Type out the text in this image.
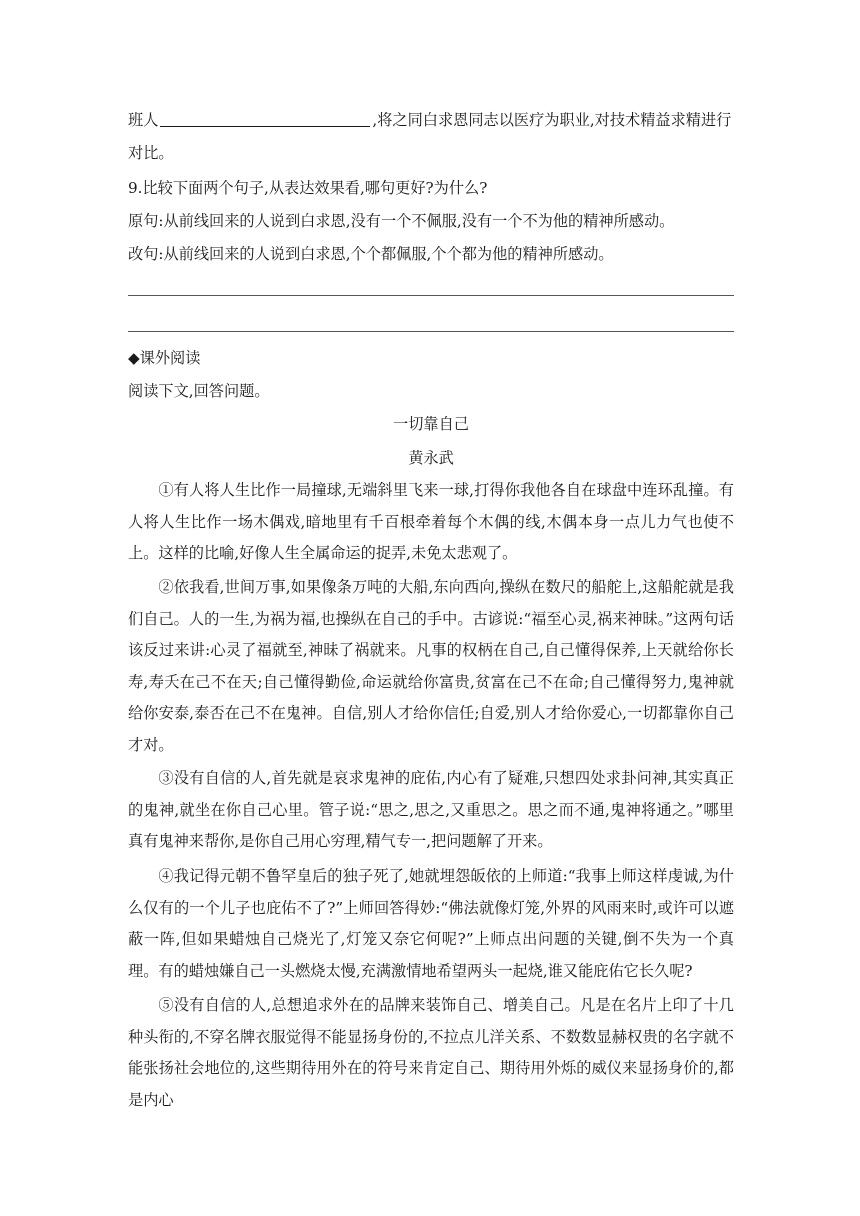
班人	,将之同白求恩同志以医疗为职业,对技术精益求精进行
对比。
9.比较下面两个句子,从表达效果看,哪句更好?为什么?
原句:从前线回来的人说到白求恩,没有一个不佩服,没有一个不为他的精神所感动。
改句:从前线回来的人说到白求恩,个个都佩服,个个都为他的精神所感动。
◆课外阅读
阅读下文,回答问题。
一切靠自己
黄永武
①有人将人生比作一局撞球,无端斜里飞来一球,打得你我他各自在球盘中连环乱撞。有人将人生比作一场木偶戏,暗地里有千百根牵着每个木偶的线,木偶本身一点儿力气也使不上。这样的比喻,好像人生全属命运的捉弄,未免太悲观了。
②依我看,世间万事,如果像条万吨的大船,东向西向,操纵在数尺的船舵上,这船舵就是我们自己。人的一生,为祸为福,也操纵在自己的手中。古谚说:“福至心灵,祸来神昧。”这两句话该反过来讲:心灵了福就至,神昧了祸就来。凡事的权柄在自己,自己懂得保养,上天就给你长寿,寿夭在己不在天;自己懂得勤俭,命运就给你富贵,贫富在己不在命;自己懂得努力,鬼神就给你安泰,泰否在己不在鬼神。自信,别人才给你信任;自爱,别人才给你爱心,一切都靠你自己才对。
③没有自信的人,首先就是哀求鬼神的庇佑,内心有了疑难,只想四处求卦问神,其实真正的鬼神,就坐在你自己心里。管子说:“思之,思之,又重思之。思之而不通,鬼神将通之。”哪里真有鬼神来帮你,是你自己用心穷理,精气专一,把问题解了开来。
④我记得元朝不鲁罕皇后的独子死了,她就埋怨皈依的上师道:“我事上师这样虔诚,为什么仅有的一个儿子也庇佑不了?”上师回答得妙:“佛法就像灯笼,外界的风雨来时,或许可以遮蔽一阵,但如果蜡烛自己烧光了,灯笼又奈它何呢?”上师点出问题的关键,倒不失为一个真理。有的蜡烛嫌自己一头燃烧太慢,充满激情地希望两头一起烧,谁又能庇佑它长久呢?
⑤没有自信的人,总想追求外在的品牌来装饰自己、增美自己。凡是在名片上印了十几种头衔的,不穿名牌衣服觉得不能显扬身份的,不拉点儿洋关系、不数数显赫权贵的名字就不能张扬社会地位的,这些期待用外在的符号来肯定自己、期待用外烁的威仪来显扬身价的,都是内心
